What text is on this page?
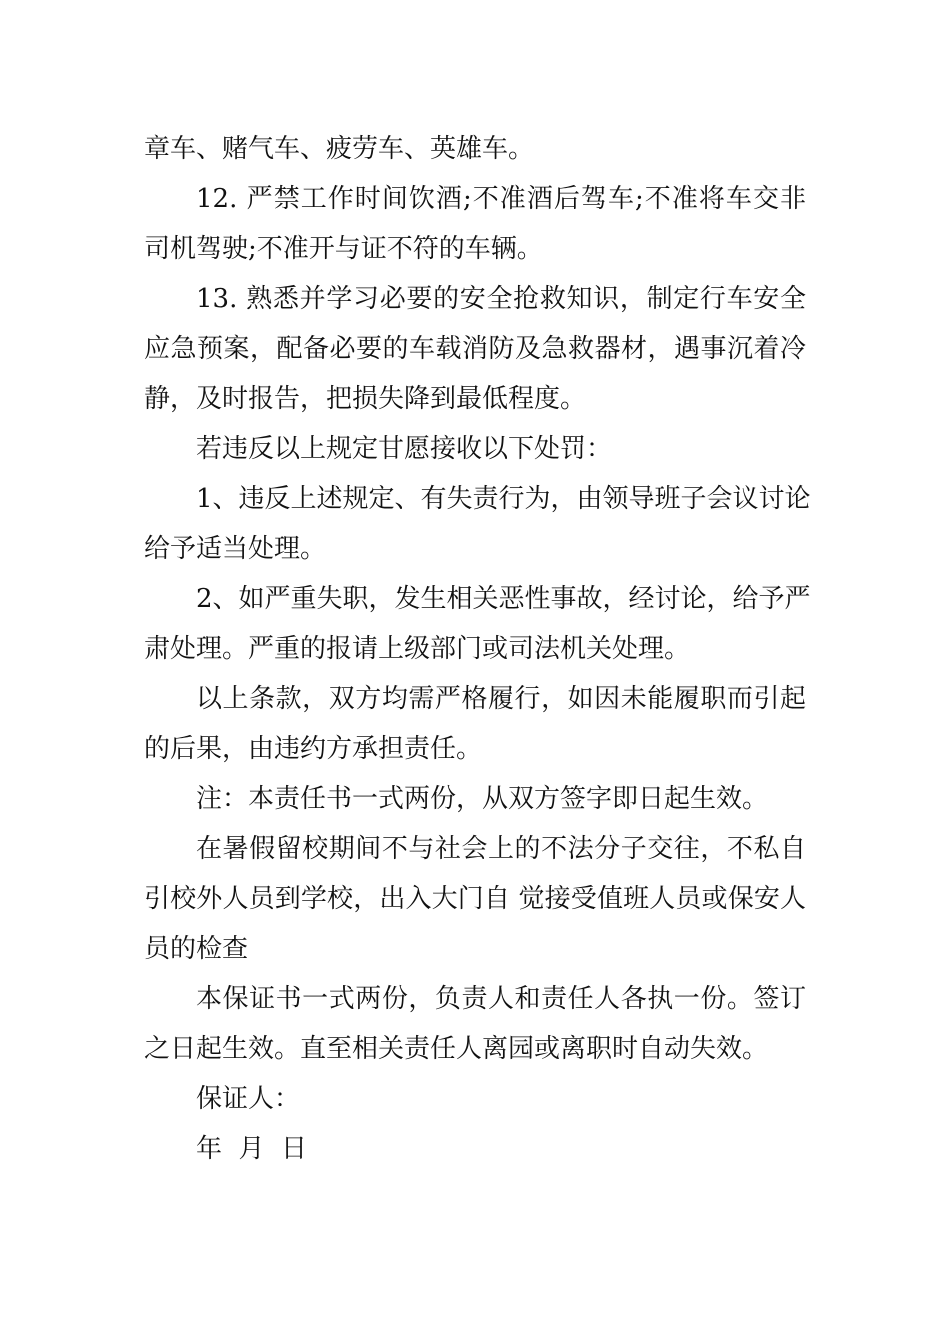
章车、赌气车、疲劳车、英雄车。
12. 严禁工作时间饮酒;不准酒后驾车;不准将车交非
司机驾驶;不准开与证不符的车辆。
13. 熟悉并学习必要的安全抢救知识，制定行车安全
应急预案，配备必要的车载消防及急救器材，遇事沉着冷
静，及时报告，把损失降到最低程度。
若违反以上规定甘愿接收以下处罚：
1、违反上述规定、有失责行为，由领导班子会议讨论
给予适当处理。
2、如严重失职，发生相关恶性事故，经讨论，给予严
肃处理。严重的报请上级部门或司法机关处理。
以上条款，双方均需严格履行，如因未能履职而引起
的后果，由违约方承担责任。
注：本责任书一式两份，从双方签字即日起生效。
在暑假留校期间不与社会上的不法分子交往，不私自
引校外人员到学校，出入大门自 觉接受值班人员或保安人
员的检查
本保证书一式两份，负责人和责任人各执一份。签订
之日起生效。直至相关责任人离园或离职时自动失效。
保证人：
年  月  日
